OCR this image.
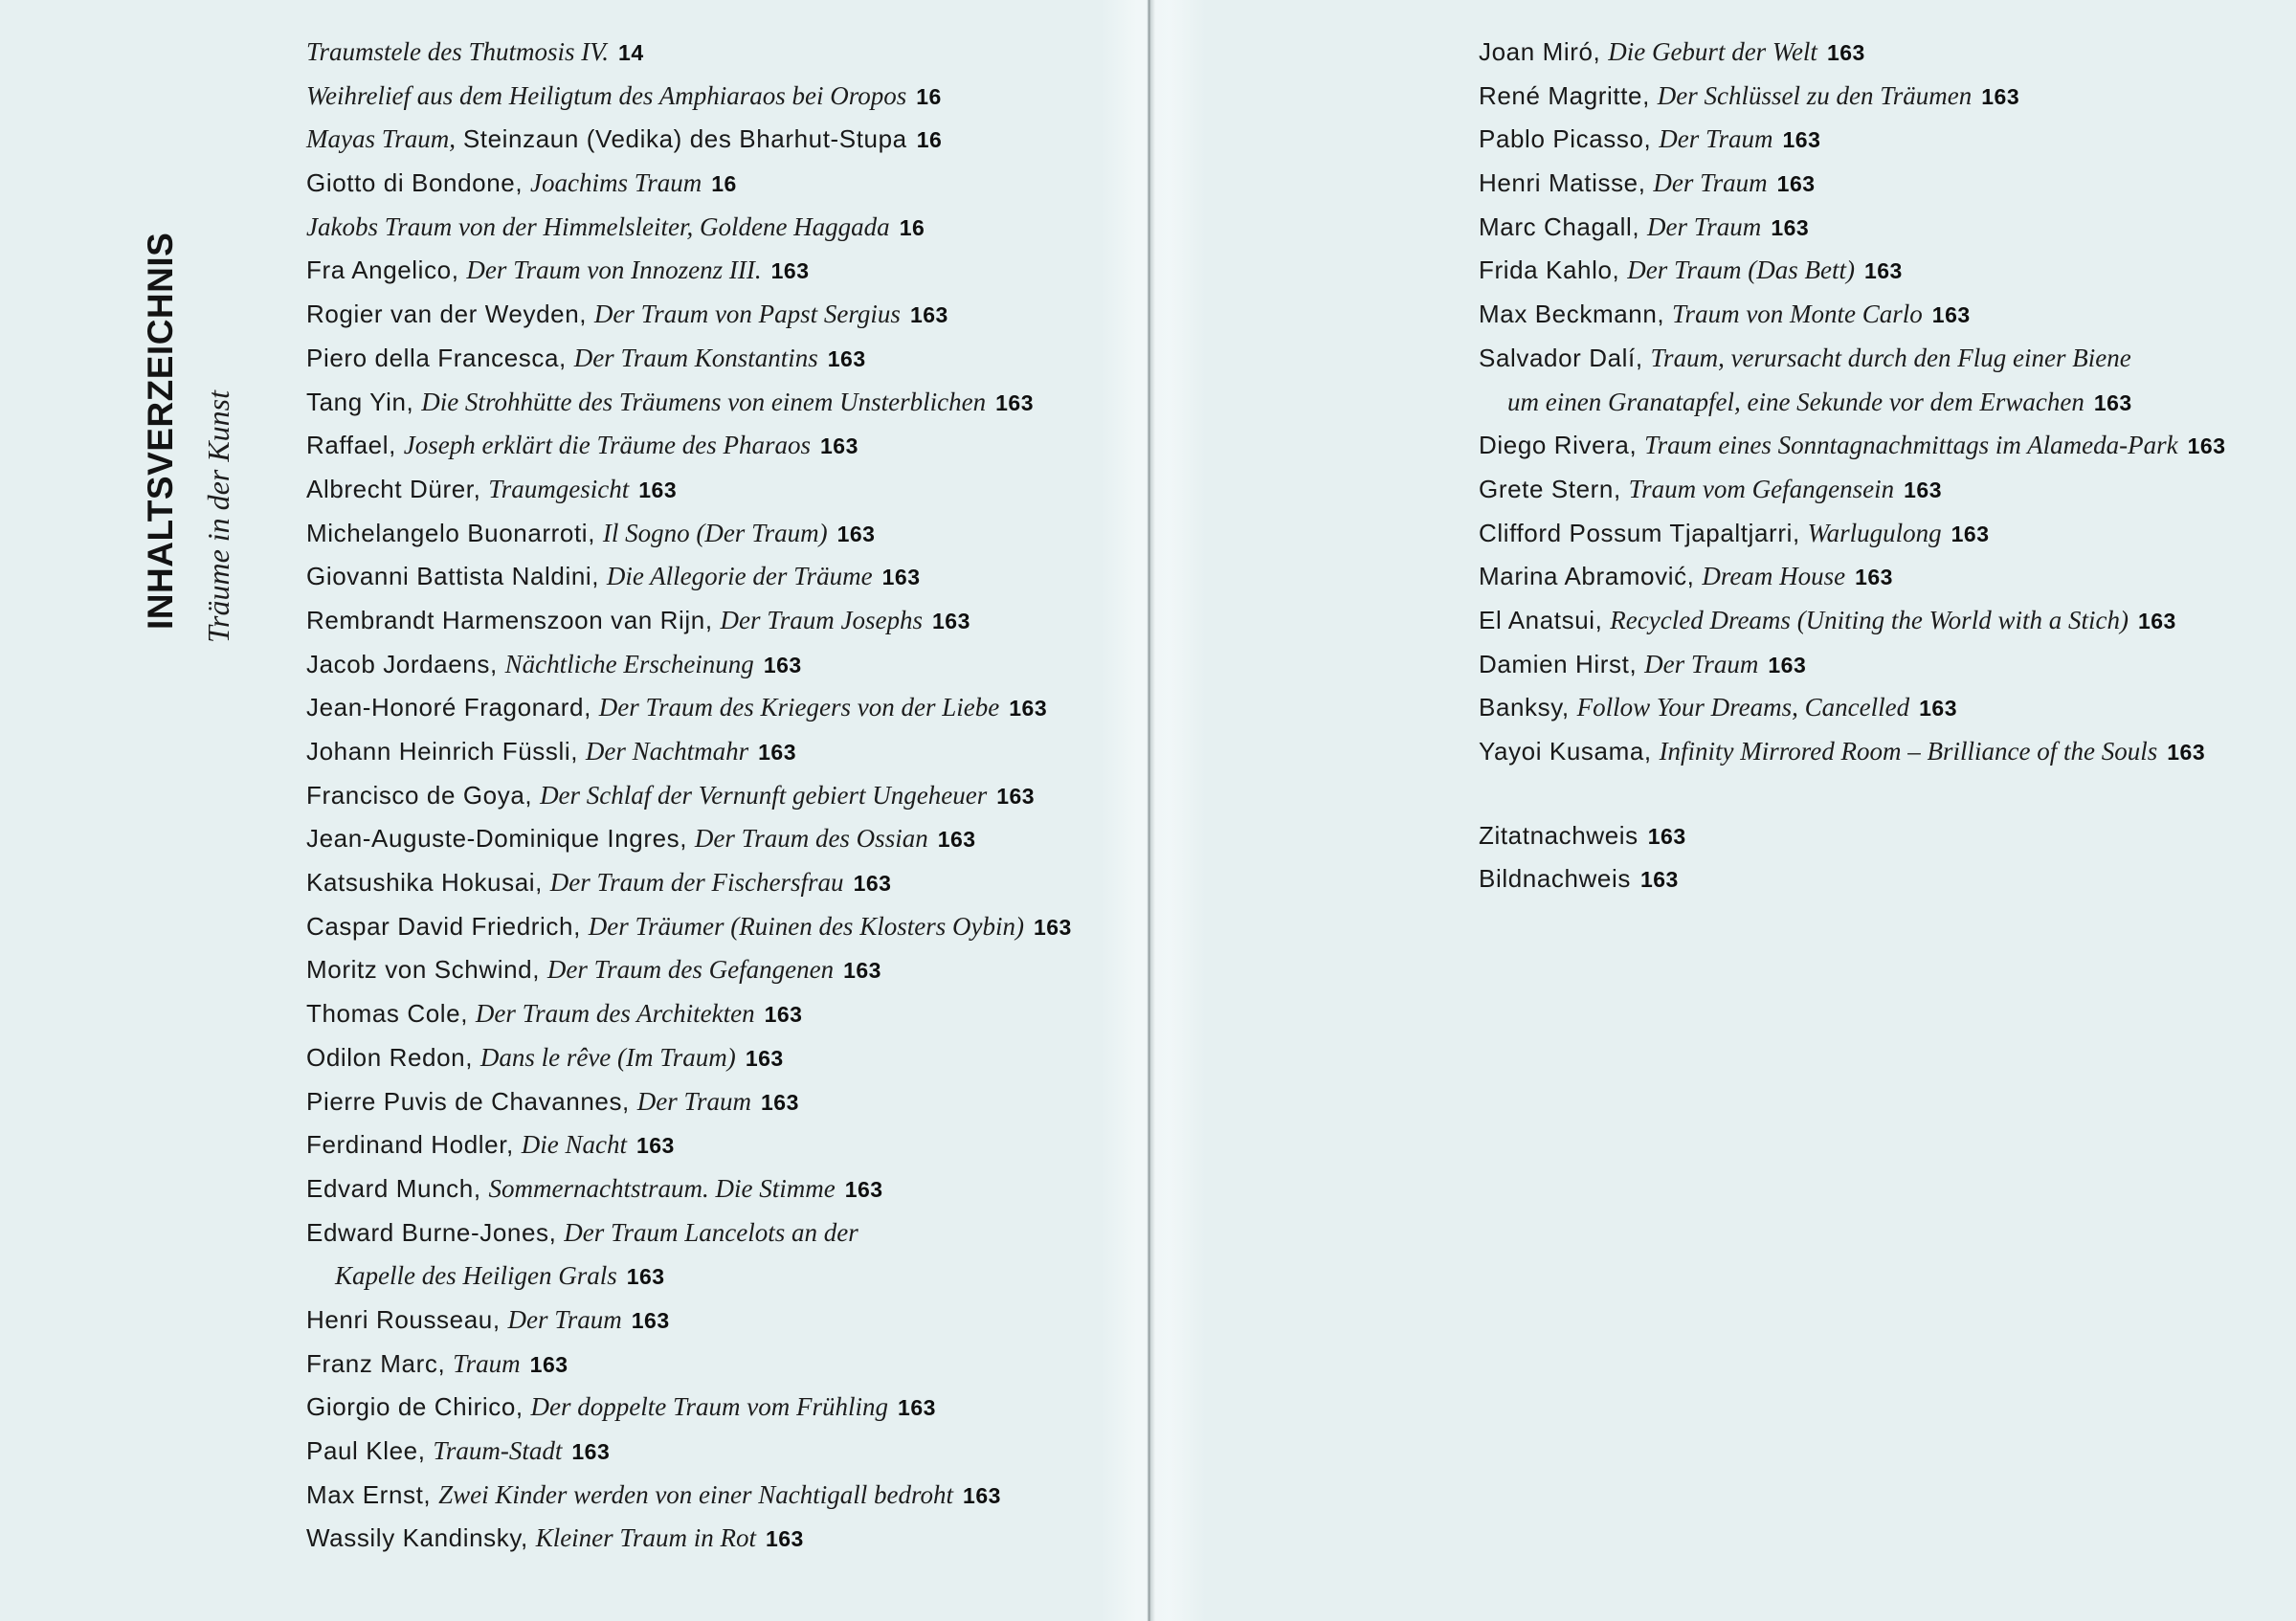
INHALTSVERZEICHNIS Träume in der Kunst
Traumstele des Thutmosis IV. 14
Weihrelief aus dem Heiligtum des Amphiaraos bei Oropos 16
Mayas Traum, Steinzaun (Vedika) des Bharhut-Stupa 16
Giotto di Bondone, Joachims Traum 16
Jakobs Traum von der Himmelsleiter, Goldene Haggada 16
Fra Angelico, Der Traum von Innozenz III. 163
Rogier van der Weyden, Der Traum von Papst Sergius 163
Piero della Francesca, Der Traum Konstantins 163
Tang Yin, Die Strohhütte des Träumens von einem Unsterblichen 163
Raffael, Joseph erklärt die Träume des Pharaos 163
Albrecht Dürer, Traumgesicht 163
Michelangelo Buonarroti, Il Sogno (Der Traum) 163
Giovanni Battista Naldini, Die Allegorie der Träume 163
Rembrandt Harmenszoon van Rijn, Der Traum Josephs 163
Jacob Jordaens, Nächtliche Erscheinung 163
Jean-Honoré Fragonard, Der Traum des Kriegers von der Liebe 163
Johann Heinrich Füssli, Der Nachtmahr 163
Francisco de Goya, Der Schlaf der Vernunft gebiert Ungeheuer 163
Jean-Auguste-Dominique Ingres, Der Traum des Ossian 163
Katsushika Hokusai, Der Traum der Fischersfrau 163
Caspar David Friedrich, Der Träumer (Ruinen des Klosters Oybin) 163
Moritz von Schwind, Der Traum des Gefangenen 163
Thomas Cole, Der Traum des Architekten 163
Odilon Redon, Dans le rêve (Im Traum) 163
Pierre Puvis de Chavannes, Der Traum 163
Ferdinand Hodler, Die Nacht 163
Edvard Munch, Sommernachtstraum. Die Stimme 163
Edward Burne-Jones, Der Traum Lancelots an der
Kapelle des Heiligen Grals 163
Henri Rousseau, Der Traum 163
Franz Marc, Traum 163
Giorgio de Chirico, Der doppelte Traum vom Frühling 163
Paul Klee, Traum-Stadt 163
Max Ernst, Zwei Kinder werden von einer Nachtigall bedroht 163
Wassily Kandinsky, Kleiner Traum in Rot 163
Joan Miró, Die Geburt der Welt 163
René Magritte, Der Schlüssel zu den Träumen 163
Pablo Picasso, Der Traum 163
Henri Matisse, Der Traum 163
Marc Chagall, Der Traum 163
Frida Kahlo, Der Traum (Das Bett) 163
Max Beckmann, Traum von Monte Carlo 163
Salvador Dalí, Traum, verursacht durch den Flug einer Biene
um einen Granatapfel, eine Sekunde vor dem Erwachen 163
Diego Rivera, Traum eines Sonntagnachmittags im Alameda-Park 163
Grete Stern, Traum vom Gefangensein 163
Clifford Possum Tjapaltjarri, Warlugulong 163
Marina Abramović, Dream House 163
El Anatsui, Recycled Dreams (Uniting the World with a Stich) 163
Damien Hirst, Der Traum 163
Banksy, Follow Your Dreams, Cancelled 163
Yayoi Kusama, Infinity Mirrored Room – Brilliance of the Souls 163
Zitatnachweis 163
Bildnachweis 163
